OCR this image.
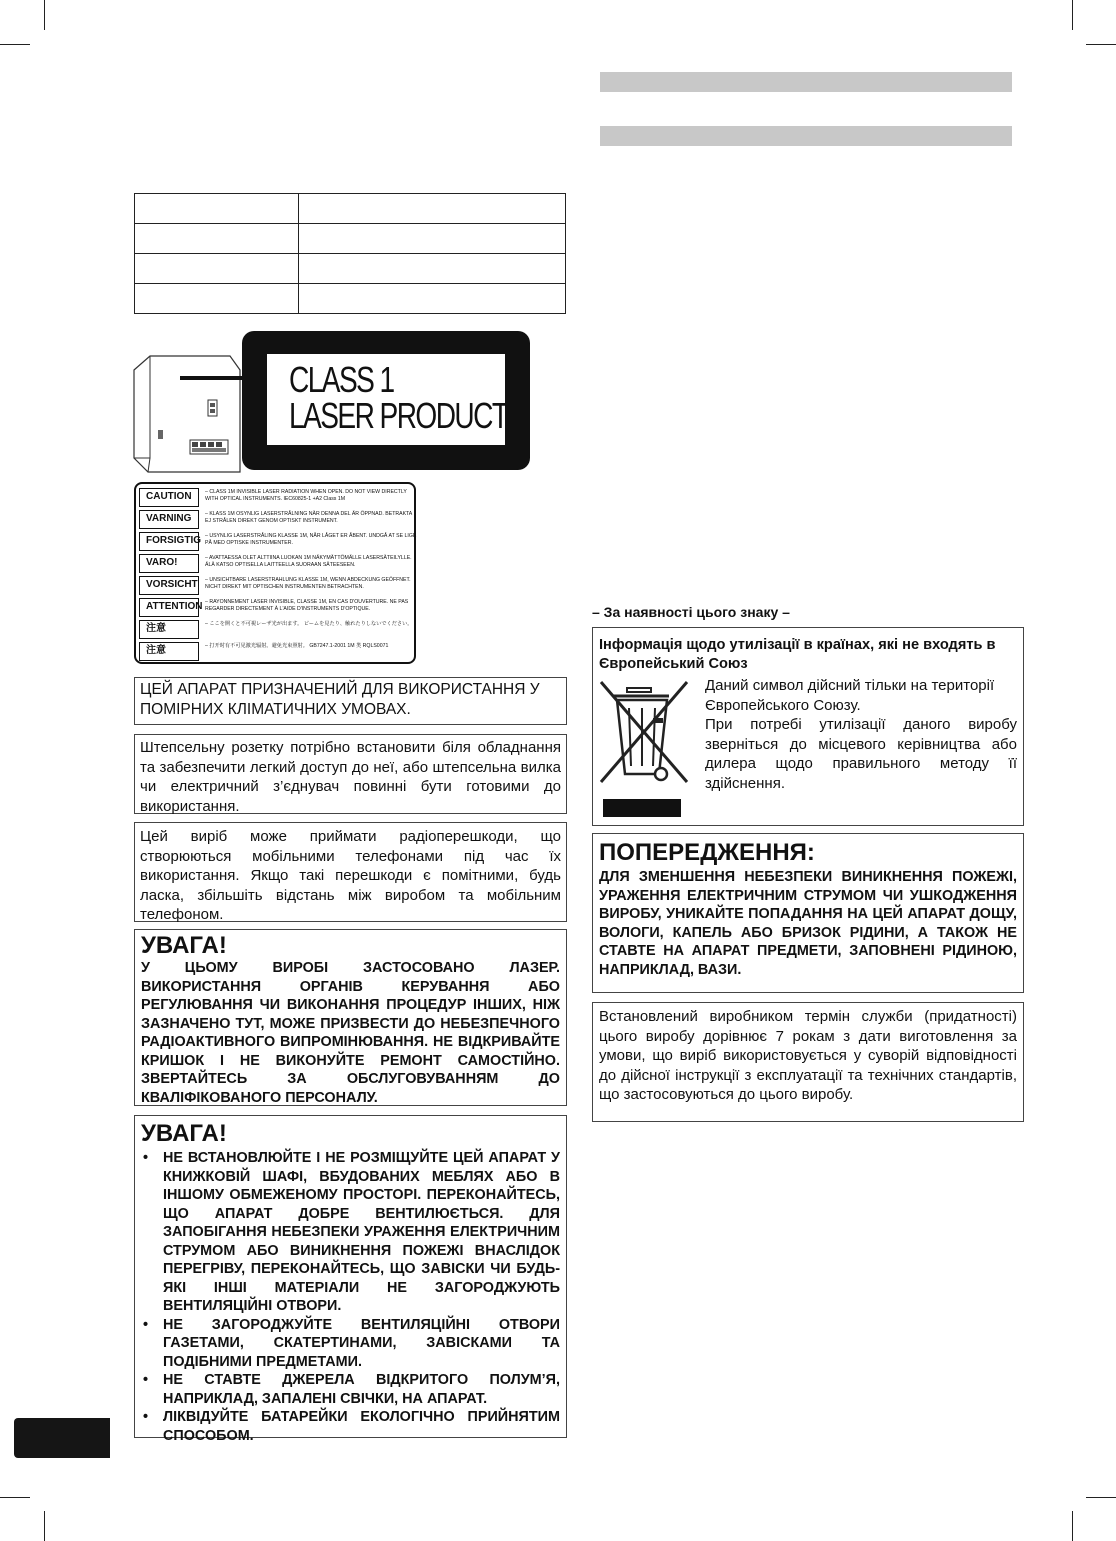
CLASS 1
LASER PRODUCT
CAUTION	– CLASS 1M INVISIBLE LASER RADIATION WHEN OPEN. DO NOT VIEW DIRECTLY WITH OPTICAL INSTRUMENTS. IEC60825-1 +A2 Class 1M
VARNING	– KLASS 1M OSYNLIG LASERSTRÅLNING NÄR DENNA DEL ÄR ÖPPNAD. BETRAKTA EJ STRÅLEN DIREKT GENOM OPTISKT INSTRUMENT.
FORSIGTIG – USYNLIG LASERSTRÅLING KLASSE 1M, NÅR LÅGET ER ÅBENT. UNDGÅ AT SE LIGE PÅ MED OPTISKE INSTRUMENTER.
VARO!	– AVATTAESSA OLET ALTTIINA LUOKAN 1M NÄKYMÄTTÖMÄLLE LASERSÄTEILYLLE. ÄLÄ KATSO OPTISELLA LAITTEELLA SUORAAN SÄTEESEEN.
VORSICHT – UNSICHTBARE LASERSTRAHLUNG KLASSE 1M, WENN ABDECKUNG GEÖFFNET. NICHT DIREKT MIT OPTISCHEN INSTRUMENTEN BETRACHTEN.
ATTENTION – RAYONNEMENT LASER INVISIBLE, CLASSE 1M, EN CAS D'OUVERTURE. NE PAS REGARDER DIRECTEMENT À L'AIDE D'INSTRUMENTS D'OPTIQUE.
注意	– ここを開くと不可視レーザ光が出ます。 ビームを見たり、触れたりしないでください。
注意	– 打开时有不可见激光辐射。避免光束照射。 GB7247.1-2001 1M 类 RQLS0071

ЦЕЙ АПАРАТ ПРИЗНАЧЕНИЙ ДЛЯ ВИКОРИСТАННЯ У ПОМІРНИХ КЛІМАТИЧНИХ УМОВАХ.

Штепсельну розетку потрібно встановити біля обладнання та забезпечити легкий доступ до неї, або штепсельна вилка чи електричний з’єднувач повинні бути готовими до використання.

Цей виріб може приймати радіоперешкоди, що створюються мобільними телефонами під час їх використання. Якщо такі перешкоди є помітними, будь ласка, збільшіть відстань між виробом та мобільним телефоном.

УВАГА!

У ЦЬОМУ ВИРОБІ ЗАСТОСОВАНО ЛАЗЕР. ВИКОРИСТАННЯ ОРГАНІВ КЕРУВАННЯ АБО РЕГУЛЮВАННЯ ЧИ ВИКОНАННЯ ПРОЦЕДУР ІНШИХ, НІЖ ЗАЗНАЧЕНО ТУТ, МОЖЕ ПРИЗВЕСТИ ДО НЕБЕЗПЕЧНОГО РАДІОАКТИВНОГО ВИПРОМІНЮВАННЯ. НЕ ВІДКРИВАЙТЕ КРИШОК І НЕ ВИКОНУЙТЕ РЕМОНТ САМОСТІЙНО. ЗВЕРТАЙТЕСЬ ЗА ОБСЛУГОВУВАННЯМ ДО КВАЛІФІКОВАНОГО ПЕРСОНАЛУ.

УВАГА!

• НЕ ВСТАНОВЛЮЙТЕ І НЕ РОЗМІЩУЙТЕ ЦЕЙ АПАРАТ У КНИЖКОВІЙ ШАФІ, ВБУДОВАНИХ МЕБЛЯХ АБО В ІНШОМУ ОБМЕЖЕНОМУ ПРОСТОРІ. ПЕРЕКОНАЙТЕСЬ, ЩО АПАРАТ ДОБРЕ ВЕНТИЛЮЄТЬСЯ. ДЛЯ ЗАПОБІГАННЯ НЕБЕЗПЕКИ УРАЖЕННЯ ЕЛЕКТРИЧНИМ СТРУМОМ АБО ВИНИКНЕННЯ ПОЖЕЖІ ВНАСЛІДОК ПЕРЕГРІВУ, ПЕРЕКОНАЙТЕСЬ, ЩО ЗАВІСКИ ЧИ БУДЬ-ЯКІ ІНШІ МАТЕРІАЛИ НЕ ЗАГОРОДЖУЮТЬ ВЕНТИЛЯЦІЙНІ ОТВОРИ.
• НЕ ЗАГОРОДЖУЙТЕ ВЕНТИЛЯЦІЙНІ ОТВОРИ ГАЗЕТАМИ, СКАТЕРТИНАМИ, ЗАВІСКАМИ ТА ПОДІБНИМИ ПРЕДМЕТАМИ.
• НЕ СТАВТЕ ДЖЕРЕЛА ВІДКРИТОГО ПОЛУМ’Я, НАПРИКЛАД, ЗАПАЛЕНІ СВІЧКИ, НА АПАРАТ.
• ЛІКВІДУЙТЕ БАТАРЕЙКИ ЕКОЛОГІЧНО ПРИЙНЯТИМ СПОСОБОМ.
– За наявності цього знаку –

Інформація щодо утилізації в країнах, які не входять в Європейський Союз

Даний символ дійсний тільки на території Європейського Союзу.

При потребі утилізації даного виробу зверніться до місцевого керівництва або дилера щодо правильного методу її здійснення.

ПОПЕРЕДЖЕННЯ:

ДЛЯ ЗМЕНШЕННЯ НЕБЕЗПЕКИ ВИНИКНЕННЯ ПОЖЕЖІ, УРАЖЕННЯ ЕЛЕКТРИЧНИМ СТРУМОМ ЧИ УШКОДЖЕННЯ ВИРОБУ, УНИКАЙТЕ ПОПАДАННЯ НА ЦЕЙ АПАРАТ ДОЩУ, ВОЛОГИ, КАПЕЛЬ АБО БРИЗОК РІДИНИ, А ТАКОЖ НЕ СТАВТЕ НА АПАРАТ ПРЕДМЕТИ, ЗАПОВНЕНІ РІДИНОЮ, НАПРИКЛАД, ВАЗИ.

Встановлений виробником термін служби (придатності) цього виробу дорівнює 7 рокам з дати виготовлення за умови, що виріб використовується у суворій відповідності до дійсної інструкції з експлуатації та технічних стандартів, що застосовуються до цього виробу.
